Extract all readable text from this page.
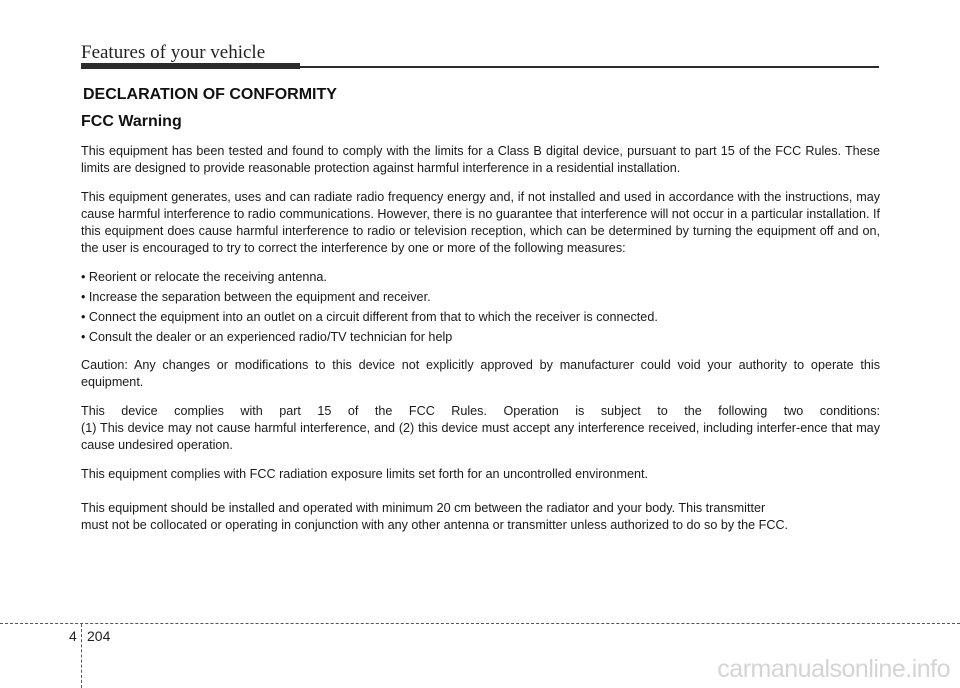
Features of your vehicle
DECLARATION OF CONFORMITY
FCC Warning

This equipment has been tested and found to comply with the limits for a Class B digital device, pursuant to part 15 of the FCC Rules. These limits are designed to provide reasonable protection against harmful interference in a residential installation.

This equipment generates, uses and can radiate radio frequency energy and, if not installed and used in accordance with the instructions, may cause harmful interference to radio communications. However, there is no guarantee that interference will not occur in a particular installation. If this equipment does cause harmful interference to radio or television reception, which can be determined by turning the equipment off and on, the user is encouraged to try to correct the interference by one or more of the following measures:

• Reorient or relocate the receiving antenna.
• Increase the separation between the equipment and receiver.
• Connect the equipment into an outlet on a circuit different from that to which the receiver is connected.
• Consult the dealer or an experienced radio/TV technician for help

Caution: Any changes or modifications to this device not explicitly approved by manufacturer could void your authority to operate this equipment.

This device complies with part 15 of the FCC Rules. Operation is subject to the following two conditions:
(1) This device may not cause harmful interference, and (2) this device must accept any interference received, including interfer-ence that may cause undesired operation.

This equipment complies with FCC radiation exposure limits set forth for an uncontrolled environment.

This equipment should be installed and operated with minimum 20 cm between the radiator and your body. This transmitter
must not be collocated or operating in conjunction with any other antenna or transmitter unless authorized to do so by the FCC.

4 204
carmanualsonline.info
